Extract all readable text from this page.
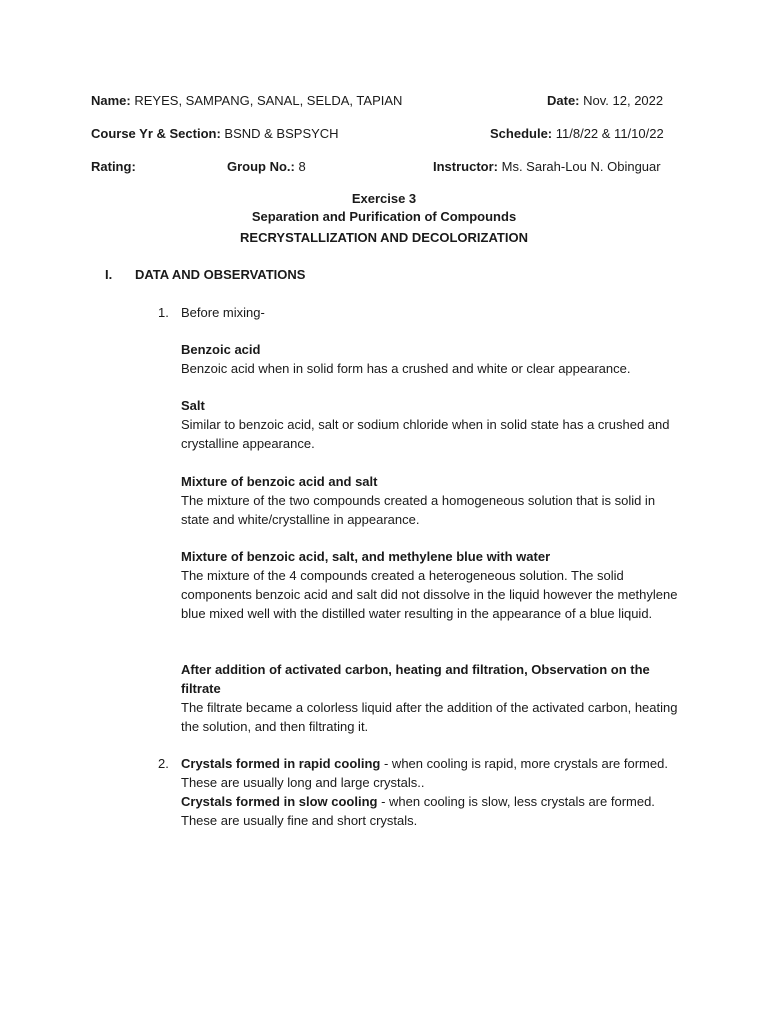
Name: REYES, SAMPANG, SANAL, SELDA, TAPIAN	Date: Nov. 12, 2022
Course Yr & Section: BSND & BSPSYCH	Schedule: 11/8/22 & 11/10/22
Rating:	Group No.: 8	Instructor: Ms. Sarah-Lou N. Obinguar
Exercise 3
Separation and Purification of Compounds
RECRYSTALLIZATION AND DECOLORIZATION
I. DATA AND OBSERVATIONS
1. Before mixing-
Benzoic acid
Benzoic acid when in solid form has a crushed and white or clear appearance.
Salt
Similar to benzoic acid, salt or sodium chloride when in solid state has a crushed and crystalline appearance.
Mixture of benzoic acid and salt
The mixture of the two compounds created a homogeneous solution that is solid in state and white/crystalline in appearance.
Mixture of benzoic acid, salt, and methylene blue with water
The mixture of the 4 compounds created a heterogeneous solution. The solid components benzoic acid and salt did not dissolve in the liquid however the methylene blue mixed well with the distilled water resulting in the appearance of a blue liquid.
After addition of activated carbon, heating and filtration, Observation on the filtrate
The filtrate became a colorless liquid after the addition of the activated carbon, heating the solution, and then filtrating it.
2. Crystals formed in rapid cooling - when cooling is rapid, more crystals are formed. These are usually long and large crystals..
Crystals formed in slow cooling - when cooling is slow, less crystals are formed. These are usually fine and short crystals.
